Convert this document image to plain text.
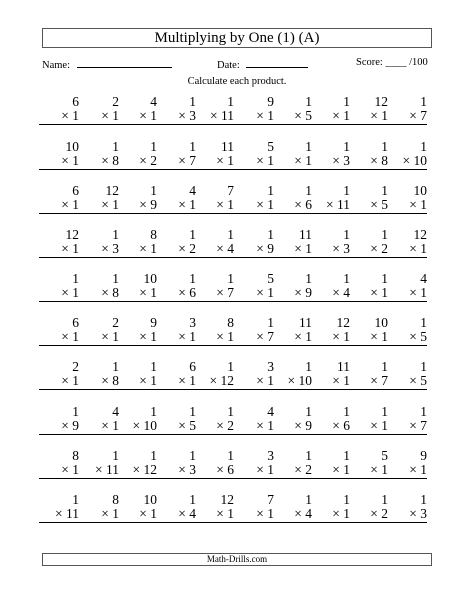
Multiplying by One (1) (A)
Name:	Date:	Score: ____ /100
Calculate each product.
6
× 1
2
× 1
4
× 1
1
× 3
1
× 11
9
× 1
1
× 5
1
× 1
12
× 1
1
× 7
10
× 1
1
× 8
1
× 2
1
× 7
11
× 1
5
× 1
1
× 1
1
× 3
1
× 8
1
× 10
6
× 1
12
× 1
1
× 9
4
× 1
7
× 1
1
× 1
1
× 6
1
× 11
1
× 5
10
× 1
12
× 1
1
× 3
8
× 1
1
× 2
1
× 4
1
× 9
11
× 1
1
× 3
1
× 2
12
× 1
1
× 1
1
× 8
10
× 1
1
× 6
1
× 7
5
× 1
1
× 9
1
× 4
1
× 1
4
× 1
6
× 1
2
× 1
9
× 1
3
× 1
8
× 1
1
× 7
11
× 1
12
× 1
10
× 1
1
× 5
2
× 1
1
× 8
1
× 1
6
× 1
1
× 12
3
× 1
1
× 10
11
× 1
1
× 7
1
× 5
1
× 9
4
× 1
1
× 10
1
× 5
1
× 2
4
× 1
1
× 9
1
× 6
1
× 1
1
× 7
8
× 1
1
× 11
1
× 12
1
× 3
1
× 6
3
× 1
1
× 2
1
× 1
5
× 1
9
× 1
1
× 11
8
× 1
10
× 1
1
× 4
12
× 1
7
× 1
1
× 4
1
× 1
1
× 2
1
× 3
Math-Drills.com
